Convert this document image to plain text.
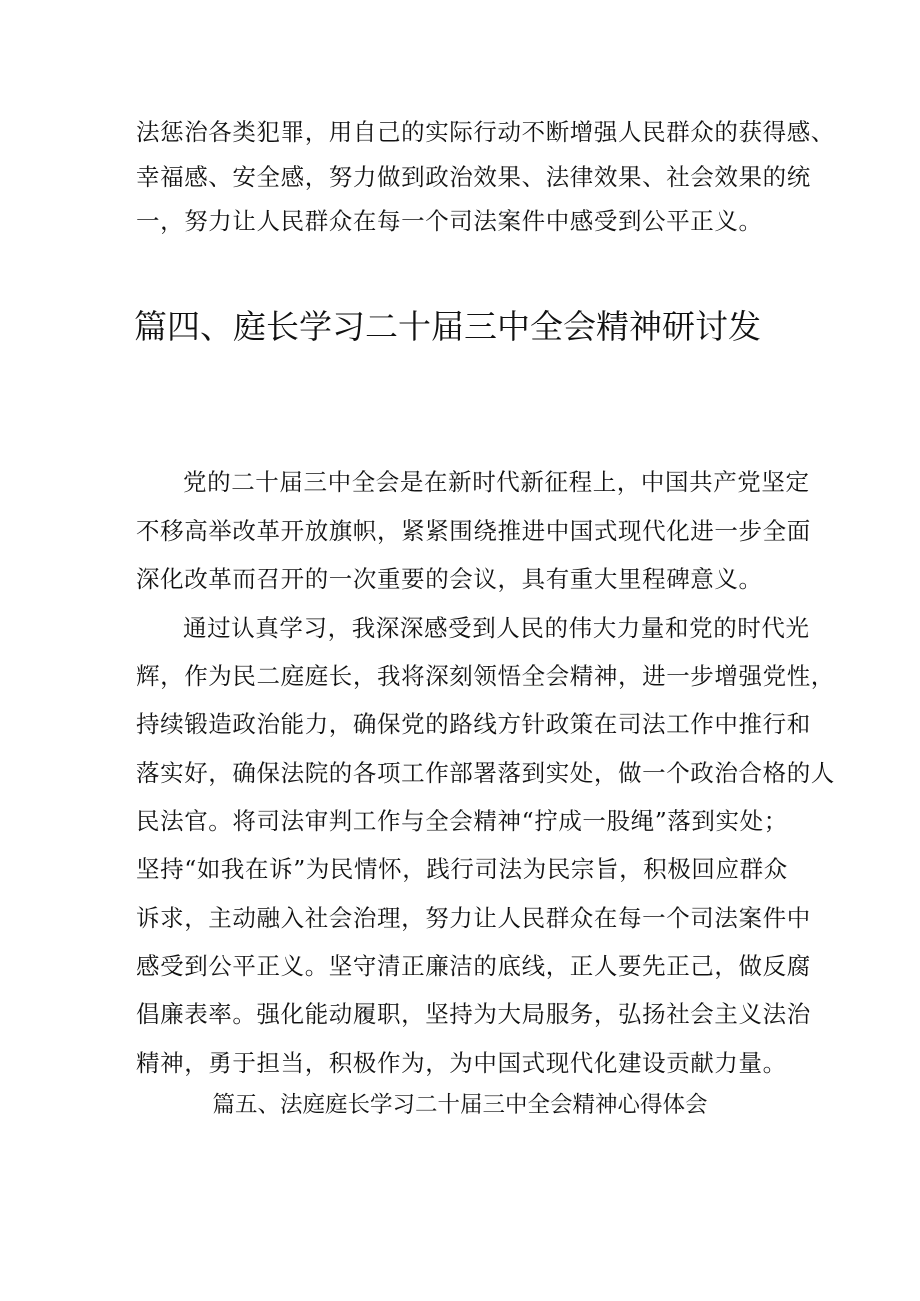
法惩治各类犯罪，用自己的实际行动不断增强人民群众的获得感、

幸福感、安全感，努力做到政治效果、法律效果、社会效果的统

一，努力让人民群众在每一个司法案件中感受到公平正义。

篇四、庭长学习二十届三中全会精神研讨发

党的二十届三中全会是在新时代新征程上，中国共产党坚定

不移高举改革开放旗帜，紧紧围绕推进中国式现代化进一步全面

深化改革而召开的一次重要的会议，具有重大里程碑意义。

通过认真学习，我深深感受到人民的伟大力量和党的时代光

辉，作为民二庭庭长，我将深刻领悟全会精神，进一步增强党性，

持续锻造政治能力，确保党的路线方针政策在司法工作中推行和

落实好，确保法院的各项工作部署落到实处，做一个政治合格的人

民法官。将司法审判工作与全会精神“拧成一股绳”落到实处；

坚持“如我在诉”为民情怀，践行司法为民宗旨，积极回应群众

诉求，主动融入社会治理，努力让人民群众在每一个司法案件中

感受到公平正义。坚守清正廉洁的底线，正人要先正己，做反腐

倡廉表率。强化能动履职，坚持为大局服务，弘扬社会主义法治

精神，勇于担当，积极作为，为中国式现代化建设贡献力量。

篇五、法庭庭长学习二十届三中全会精神心得体会
